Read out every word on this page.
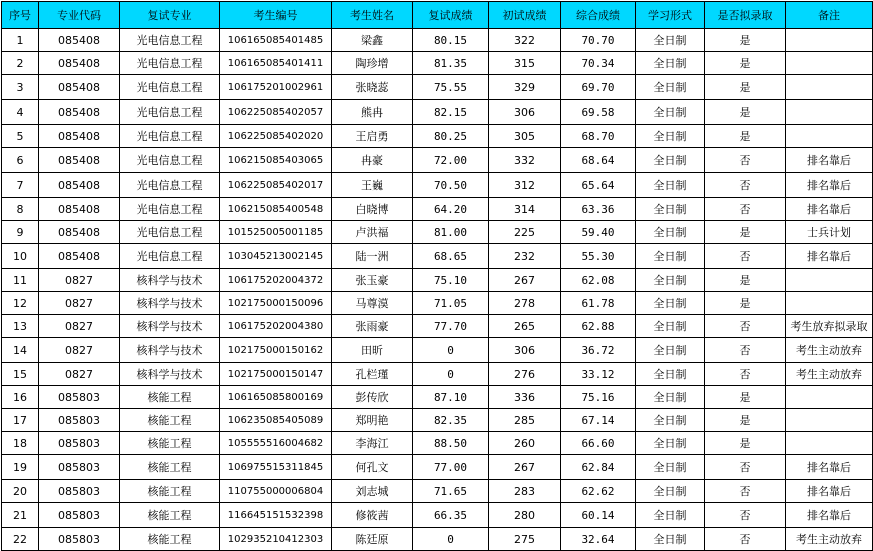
序号	专业代码	复试专业	考生编号	考生姓名	复试成绩	初试成绩	综合成绩	学习形式	是否拟录取	备注
1	085408	光电信息工程	106165085401485	梁鑫	80.15	322	70.70	全日制	是	
2	085408	光电信息工程	106165085401411	陶珍增	81.35	315	70.34	全日制	是	
3	085408	光电信息工程	106175201002961	张晓蕊	75.55	329	69.70	全日制	是	
4	085408	光电信息工程	106225085402057	熊冉	82.15	306	69.58	全日制	是	
5	085408	光电信息工程	106225085402020	王启勇	80.25	305	68.70	全日制	是	
6	085408	光电信息工程	106215085403065	冉豪	72.00	332	68.64	全日制	否	排名靠后
7	085408	光电信息工程	106225085402017	王巍	70.50	312	65.64	全日制	否	排名靠后
8	085408	光电信息工程	106215085400548	白晓博	64.20	314	63.36	全日制	否	排名靠后
9	085408	光电信息工程	101525005001185	卢洪福	81.00	225	59.40	全日制	是	士兵计划
10	085408	光电信息工程	103045213002145	陆一洲	68.65	232	55.30	全日制	否	排名靠后
11	0827	核科学与技术	106175202004372	张玉豪	75.10	267	62.08	全日制	是	
12	0827	核科学与技术	102175000150096	马尊漠	71.05	278	61.78	全日制	是	
13	0827	核科学与技术	106175202004380	张雨豪	77.70	265	62.88	全日制	否	考生放弃拟录取
14	0827	核科学与技术	102175000150162	田昕	0	306	36.72	全日制	否	考生主动放弃
15	0827	核科学与技术	102175000150147	孔栏瑾	0	276	33.12	全日制	否	考生主动放弃
16	085803	核能工程	106165085800169	彭传欣	87.10	336	75.16	全日制	是	
17	085803	核能工程	106235085405089	郑明艳	82.35	285	67.14	全日制	是	
18	085803	核能工程	105555516004682	李海江	88.50	260	66.60	全日制	是	
19	085803	核能工程	106975515311845	何孔文	77.00	267	62.84	全日制	否	排名靠后
20	085803	核能工程	110755000006804	刘志城	71.65	283	62.62	全日制	否	排名靠后
21	085803	核能工程	116645151532398	修筱茜	66.35	280	60.14	全日制	否	排名靠后
22	085803	核能工程	102935210412303	陈廷原	0	275	32.64	全日制	否	考生主动放弃
